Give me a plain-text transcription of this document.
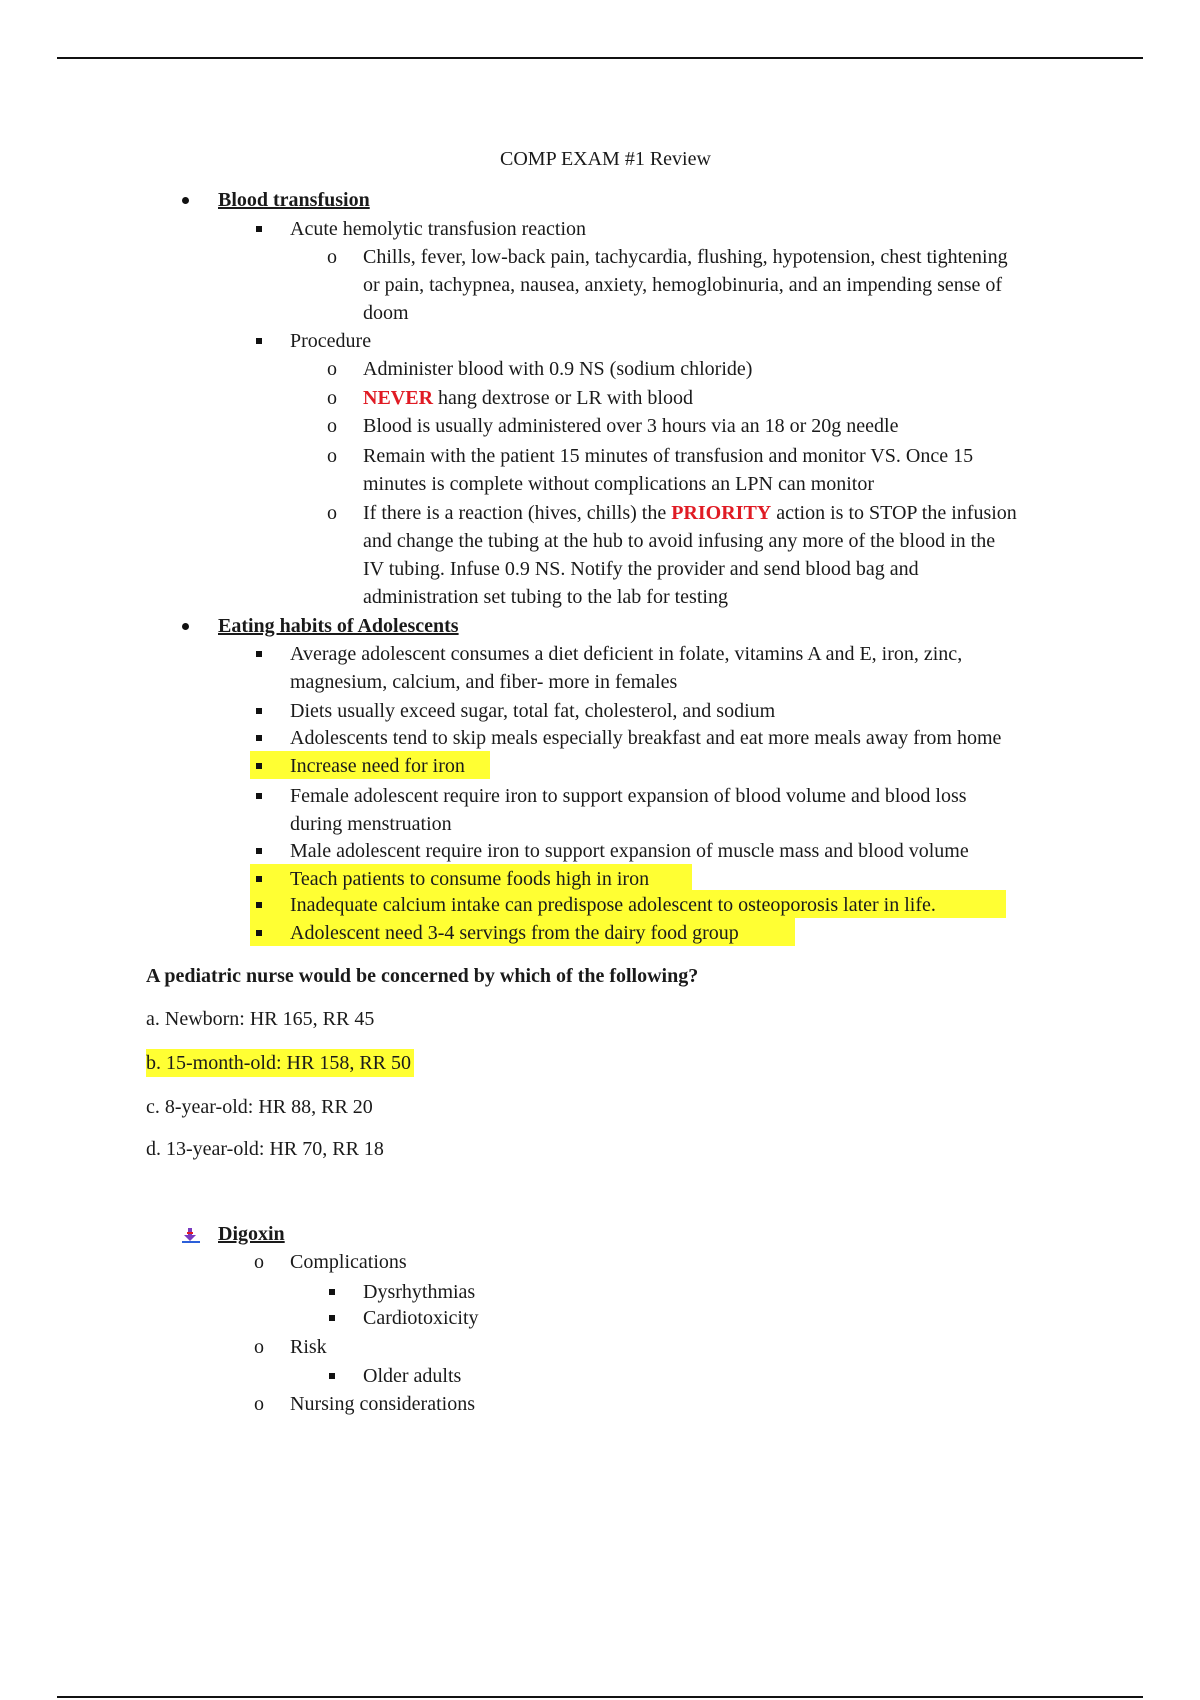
COMP EXAM #1 Review
Blood transfusion
Acute hemolytic transfusion reaction
o Chills, fever, low-back pain, tachycardia, flushing, hypotension, chest tightening
or pain, tachypnea, nausea, anxiety, hemoglobinuria, and an impending sense of
doom
Procedure
o Administer blood with 0.9 NS (sodium chloride)
o NEVER hang dextrose or LR with blood
o Blood is usually administered over 3 hours via an 18 or 20g needle
o Remain with the patient 15 minutes of transfusion and monitor VS. Once 15
minutes is complete without complications an LPN can monitor
o If there is a reaction (hives, chills) the PRIORITY action is to STOP the infusion
and change the tubing at the hub to avoid infusing any more of the blood in the
IV tubing. Infuse 0.9 NS. Notify the provider and send blood bag and
administration set tubing to the lab for testing
Eating habits of Adolescents
Average adolescent consumes a diet deficient in folate, vitamins A and E, iron, zinc,
magnesium, calcium, and fiber- more in females
Diets usually exceed sugar, total fat, cholesterol, and sodium
Adolescents tend to skip meals especially breakfast and eat more meals away from home
Increase need for iron
Female adolescent require iron to support expansion of blood volume and blood loss
during menstruation
Male adolescent require iron to support expansion of muscle mass and blood volume
Teach patients to consume foods high in iron
Inadequate calcium intake can predispose adolescent to osteoporosis later in life.
Adolescent need 3-4 servings from the dairy food group
A pediatric nurse would be concerned by which of the following?
a. Newborn: HR 165, RR 45
b. 15-month-old: HR 158, RR 50
c. 8-year-old: HR 88, RR 20
d. 13-year-old: HR 70, RR 18
Digoxin
o Complications
Dysrhythmias
Cardiotoxicity
o Risk
Older adults
o Nursing considerations
